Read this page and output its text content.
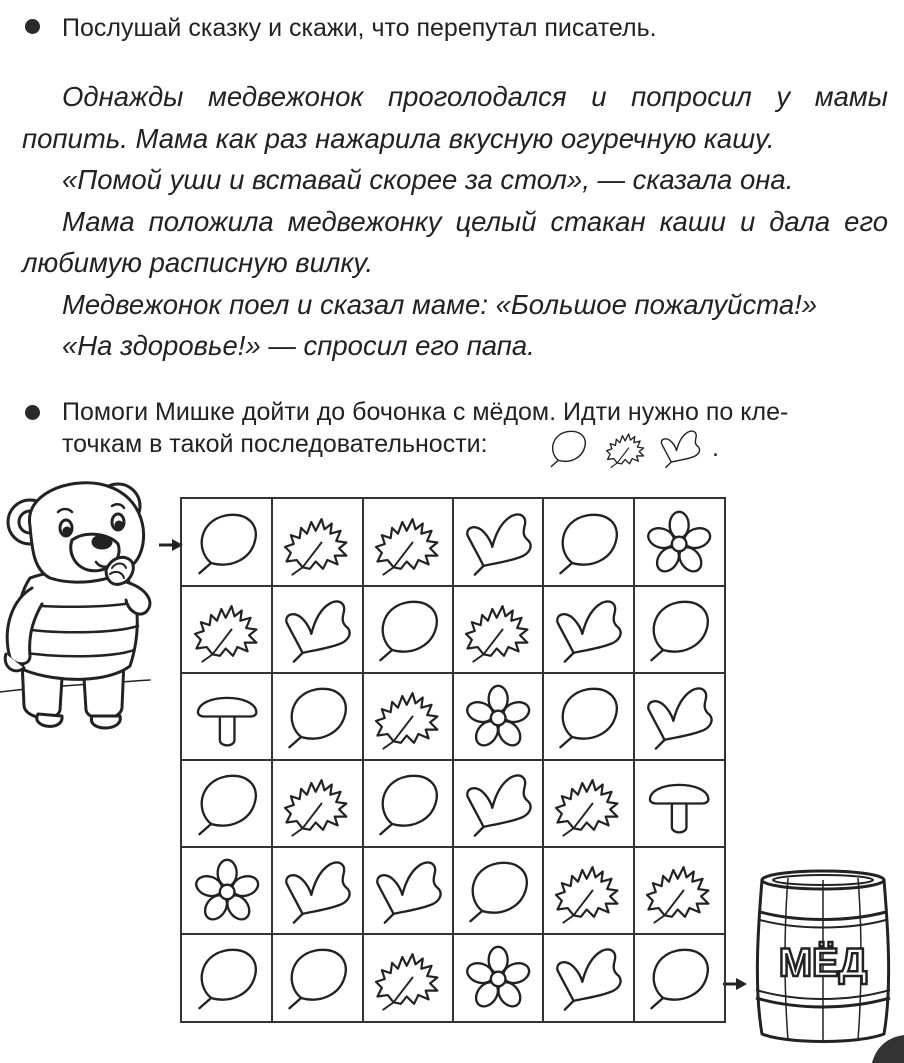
Послушай сказку и скажи, что перепутал писатель.

Однажды медвежонок проголодался и попросил у мамы попить. Мама как раз нажарила вкусную огуречную кашу.

«Помой уши и вставай скорее за стол», — сказала она.

Мама положила медвежонку целый стакан каши и дала его любимую расписную вилку.

Медвежонок поел и сказал маме: «Большое пожалуйста!»

«На здоровье!» — спросил его папа.

Помоги Мишке дойти до бочонка с мёдом. Идти нужно по кле-
точкам в такой последовательности:	.
МЁД
